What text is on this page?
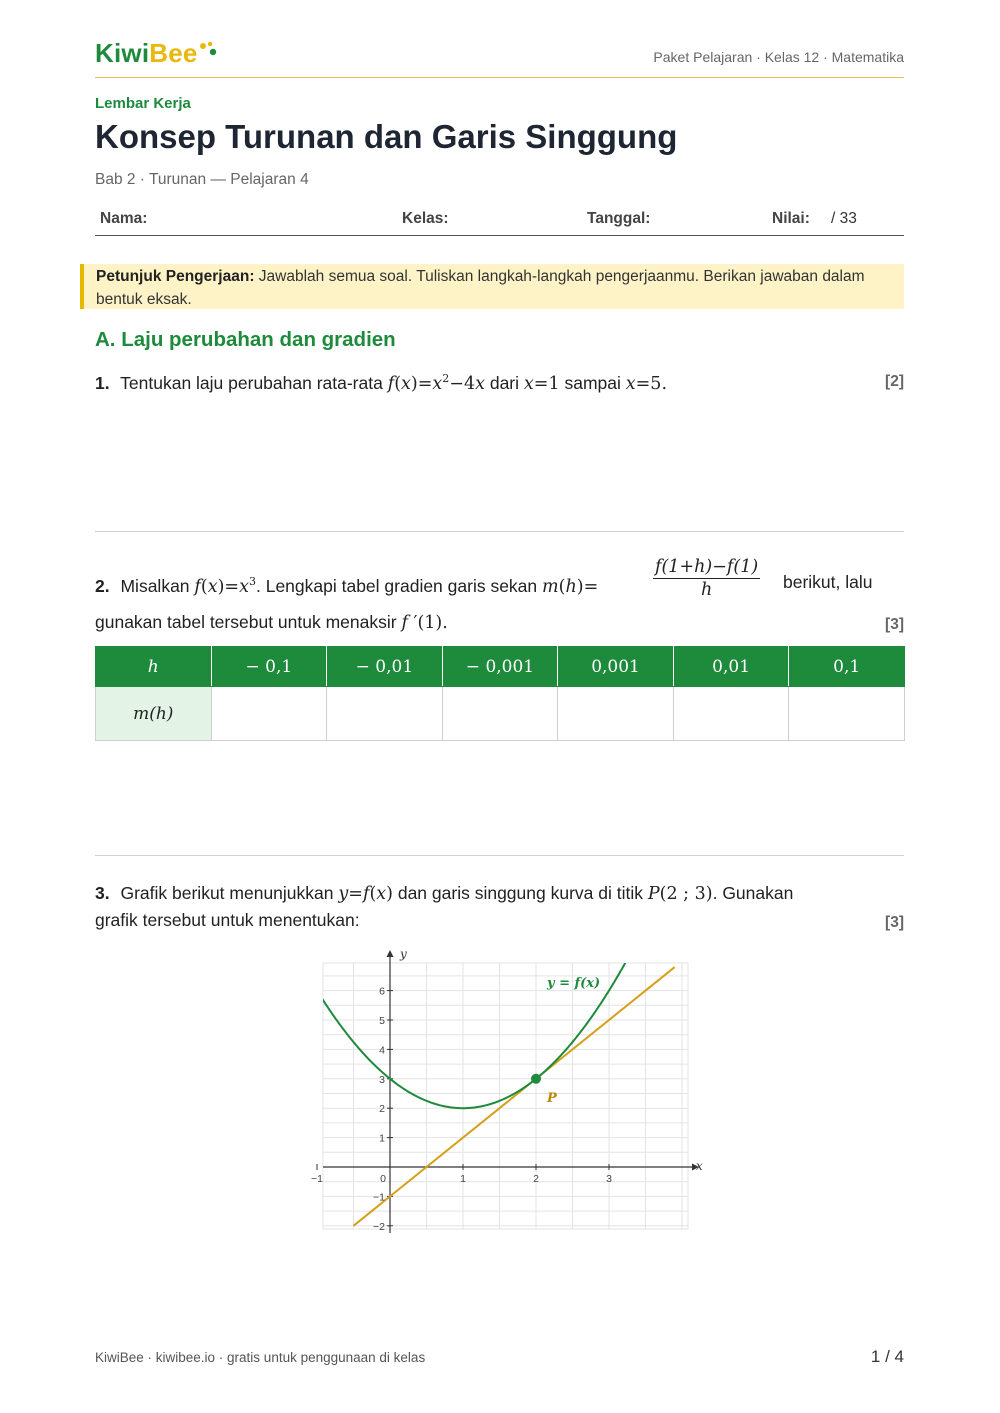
KiwiBee	Paket Pelajaran · Kelas 12 · Matematika
Lembar Kerja
Konsep Turunan dan Garis Singgung
Bab 2 · Turunan — Pelajaran 4
Nama:	Kelas:	Tanggal:	Nilai: / 33
Petunjuk Pengerjaan: Jawablah semua soal. Tuliskan langkah-langkah pengerjaanmu. Berikan jawaban dalam bentuk eksak.
A. Laju perubahan dan gradien
1. Tentukan laju perubahan rata-rata $f(x)=x^2-4x$ dari x=1 sampai x=5.	[2]
2. Misalkan $f(x)=x^3$. Lengkapi tabel gradien garis sekan m(h)=	$\frac{f(1+h)-f(1)}{h}$ berikut, lalu
gunakan tabel tersebut untuk menaksir f ′(1).	[3]
h	− 0,1	− 0,01	− 0,001	0,001	0,01	0,1
m(h)						
3. Grafik berikut menunjukkan y=f(x) dan garis singgung kurva di titik P(2 ; 3). Gunakan
grafik tersebut untuk menentukan:	[3]
−1	1	2	3
6
5
4
3
2
1
−1
−2
0
x
y
P
y = f(x)
KiwiBee · kiwibee.io · gratis untuk penggunaan di kelas	1 / 4
